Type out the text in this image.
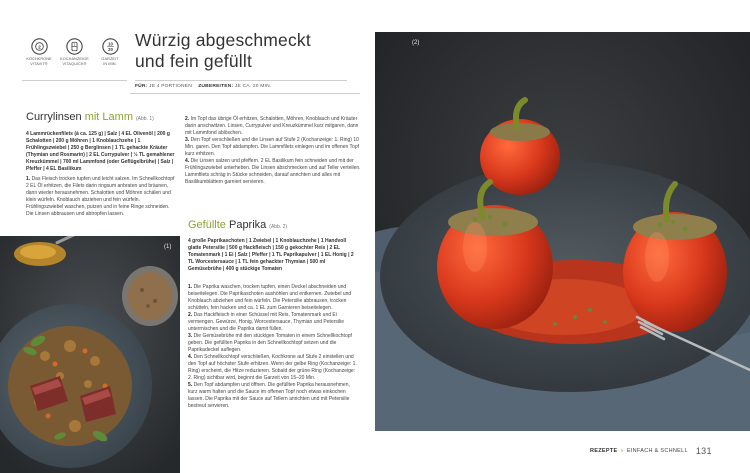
2
KOCHKRONE
VITAVIT®
1
KOCHANZEIGE
VITAQUICK®
10
20
GARZEIT
IN MIN.
Würzig abgeschmeckt
und fein gefüllt
FÜR: JE 4 PORTIONEN ZUBEREITEN: JE CA. 20 MIN.
Currylinsen mit Lamm (Abb. 1)
4 Lammrückenfilets (à ca. 125 g) | Salz | 4 EL Olivenöl | 200 g Schalotten | 200 g Möhren | 1 Knoblauchzehe | 1 Frühlingszwiebel | 250 g Berglinsen | 1 TL gehackte Kräuter (Thymian und Rosmarin) | 2 EL Currypulver | ½ TL gemahlener Kreuzkümmel | 700 ml Lammfond (oder Geflügelbrühe) | Salz | Pfeffer | 4 EL Basilikum

1. Das Fleisch trocken tupfen und leicht salzen. Im Schnellkochtopf 2 EL Öl erhitzen, die Filets darin ringsum anbraten und bräunen, dann wieder herausnehmen. Schalotten und Möhren schälen und klein würfeln. Knoblauch abziehen und fein würfeln. Frühlingszwiebel waschen, putzen und in feine Ringe schneiden. Die Linsen abbrausen und abtropfen lassen.

2. Im Topf das übrige Öl erhitzen, Schalotten, Möhren, Knoblauch und Kräuter darin anschwitzen. Linsen, Currypulver und Kreuzkümmel kurz mitgaren, dann mit Lammfond ablöschen.

3. Den Topf verschließen und die Linsen auf Stufe 2 (Kochanzeige: 1. Ring) 10 Min. garen. Den Topf abdampfen. Die Lammfilets einlegen und im offenen Topf kurz erhitzen.

4. Die Linsen salzen und pfeffern. 2 EL Basilikum fein schneiden und mit der Frühlingszwiebel unterheben. Die Linsen abschmecken und auf Teller verteilen. Lammfilets schräg in Stücke schneiden, darauf anrichten und alles mit Basilikumblättern garniert servieren.

Gefüllte Paprika (Abb. 2)
4 große Paprikaschoten | 1 Zwiebel | 1 Knoblauchzehe | 1 Handvoll glatte Petersilie | 500 g Hackfleisch | 150 g gekochter Reis | 2 EL Tomatenmark | 1 Ei | Salz | Pfeffer | 1 TL Paprikapulver | 1 EL Honig | 2 TL Worcestersauce | 1 TL fein gehackter Thymian | 500 ml Gemüsebrühe | 400 g stückige Tomaten

1. Die Paprika waschen, trocken tupfen, einen Deckel abschneiden und beiseitelegen. Die Paprikaschoten aushöhlen und entkernen. Zwiebel und Knoblauch abziehen und fein würfeln. Die Petersilie abbrausen, trocken schütteln, fein hacken und ca. 1 EL zum Garnieren beiseitelegen.

2. Das Hackfleisch in einer Schüssel mit Reis, Tomatenmark und Ei vermengen. Gewürze, Honig, Worcestersauce, Thymian und Petersilie unterrnischen und die Paprika damit füllen.

3. Die Gemüsebrühe mit den stückigen Tomaten in einem Schnellkochtopf geben. Die gefüllten Paprika in den Schnellkochtopf setzen und die Paprikadeckel auflegen.

4. Den Schnellkochtopf verschließen, Kochkrone auf Stufe 2 einstellen und den Topf auf höchster Stufe erhitzen. Wenn der gelbe Ring (Kochanzeige: 1. Ring) erscheint, die Hitze reduzieren. Sobald der grüne Ring (Kochanzeige: 2. Ring) sichtbar wird, beginnt die Garzeit von 15–20 Min.

5. Den Topf abdampfen und öffnen. Die gefüllten Paprika herausnehmen, kurz warm halten und die Sauce im offenen Topf noch etwas einkochen lassen. Die Paprika mit der Sauce auf Tellern anrichten und mit Petersilie bestreut servieren.

(1)
(2)
REZEPTE » EINFACH & SCHNELL 131
